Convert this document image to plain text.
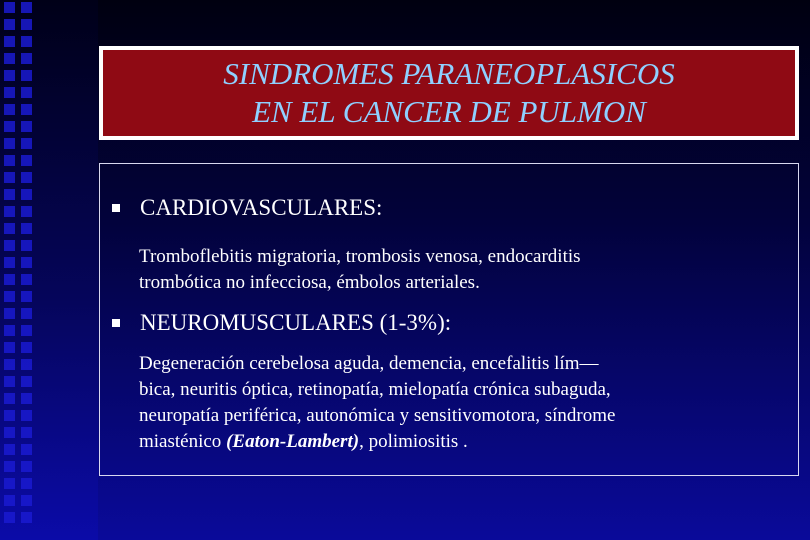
SINDROMES PARANEOPLASICOS
EN EL CANCER DE PULMON
CARDIOVASCULARES:
Tromboflebitis migratoria, trombosis venosa, endocarditis
trombótica no infecciosa, émbolos arteriales.
NEUROMUSCULARES (1-3%):
Degeneración cerebelosa aguda, demencia, encefalitis lím—
bica, neuritis óptica, retinopatía, mielopatía crónica subaguda,
neuropatía periférica, autonómica y sensitivomotora, síndrome
miasténico (Eaton-Lambert), polimiositis .
